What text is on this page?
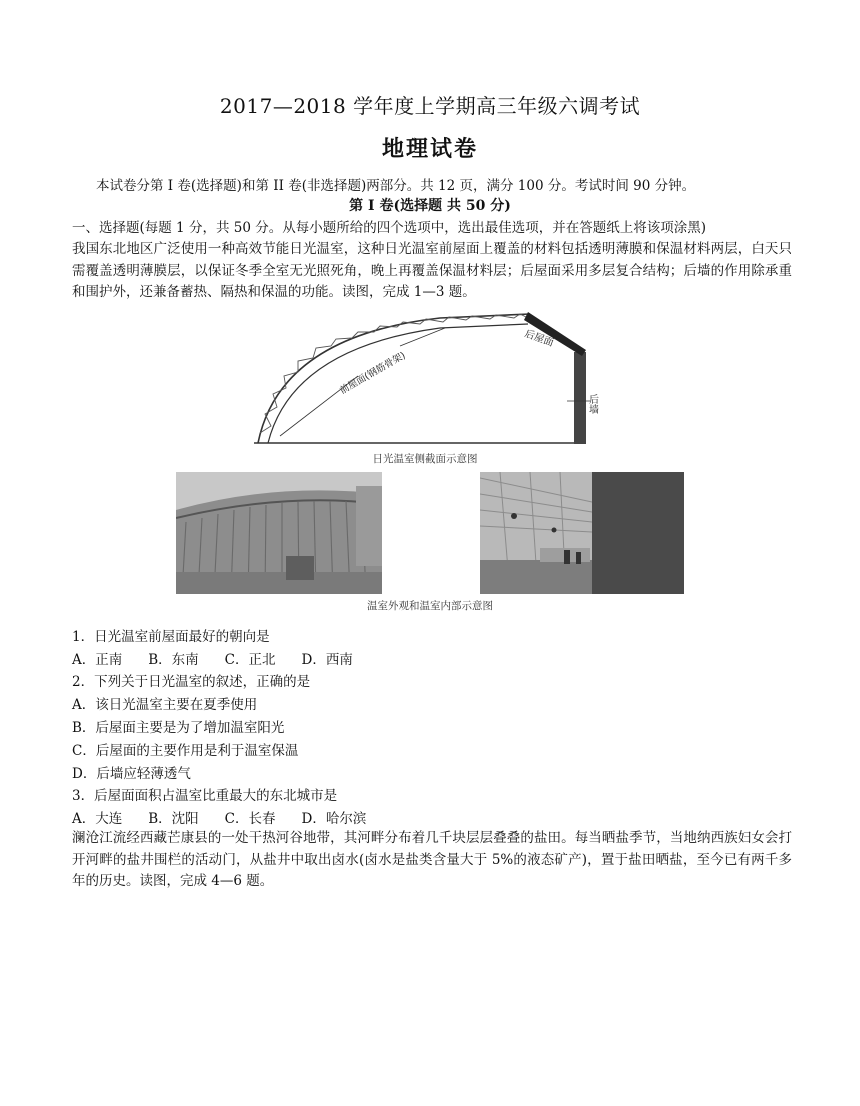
2017—2018 学年度上学期高三年级六调考试
地理试卷
本试卷分第 I 卷(选择题)和第 II 卷(非选择题)两部分。共 12 页，满分 100 分。考试时间 90 分钟。
第 I 卷(选择题 共 50 分)
一、选择题(每题 1 分，共 50 分。从每小题所给的四个选项中，选出最佳选项，并在答题纸上将该项涂黑)
我国东北地区广泛使用一种高效节能日光温室，这种日光温室前屋面上覆盖的材料包括透明薄膜和保温材料两层，白天只需覆盖透明薄膜层，以保证冬季全室无光照死角，晚上再覆盖保温材料层；后屋面采用多层复合结构；后墙的作用除承重和围护外，还兼备蓄热、隔热和保温的功能。读图，完成 1—3 题。
前屋面(钢筋骨架)
后屋面
后墙
日光温室侧截面示意图
温室外观和温室内部示意图
1．日光温室前屋面最好的朝向是
A．正南 B．东南 C．正北 D．西南
2．下列关于日光温室的叙述，正确的是
A．该日光温室主要在夏季使用
B．后屋面主要是为了增加温室阳光
C．后屋面的主要作用是利于温室保温
D．后墙应轻薄透气
3．后屋面面积占温室比重最大的东北城市是
A．大连 B．沈阳 C．长春 D．哈尔滨
澜沧江流经西藏芒康县的一处干热河谷地带，其河畔分布着几千块层层叠叠的盐田。每当晒盐季节，当地纳西族妇女会打开河畔的盐井围栏的活动门，从盐井中取出卤水(卤水是盐类含量大于 5%的液态矿产)，置于盐田晒盐，至今已有两千多年的历史。读图，完成 4—6 题。
